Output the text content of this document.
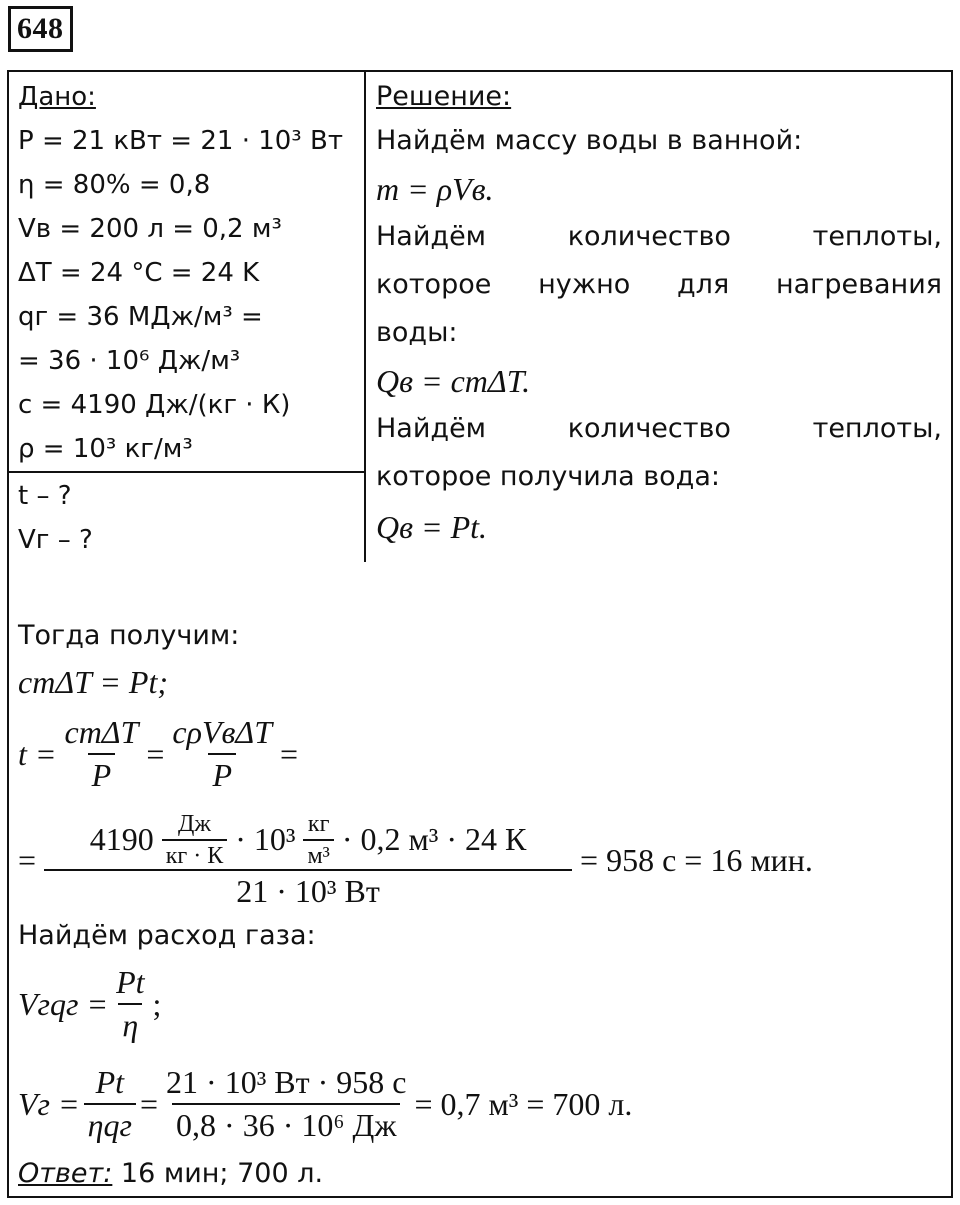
648
Дано:
P = 21 кВт = 21 · 10³ Вт
η = 80% = 0,8
Vв = 200 л = 0,2 м³
ΔT = 24 °C = 24 K
qг = 36 МДж/м³ =
= 36 · 10⁶ Дж/м³
c = 4190 Дж/(кг · К)
ρ = 10³ кг/м³
t – ?
Vг – ?
Решение:
Найдём массу воды в ванной:
m = ρVв.
Найдём	количество	теплоты,
которое нужно для нагревания
воды:
Qв = cmΔT.
Найдём	количество	теплоты,
которое получила вода:
Qв = Pt.
Тогда получим:
cmΔT = Pt;
$t = \frac{\text{cmΔT}}{P} = \frac{\text{cρVвΔT}}{P}$ =
=
$4190 \frac{Дж}{кг \cdot К} \cdot 10^3 \frac{кг}{\text{м³}} \cdot 0,2$ м³ · 24 К
21 · 10³ Вт
= 958 с = 16 мин.
Найдём расход газа:
Vгqг = $\frac{Pt}{\eta}$ ;
Vг = $\frac{Pt}{\text{ηqг}} = \frac{\text{21 · 10³ Вт · 958 с}}{\text{0,8 · 36 · 10⁶ Дж}} = 0,7$ м³ = 700 л.
Ответ: 16 мин; 700 л.
